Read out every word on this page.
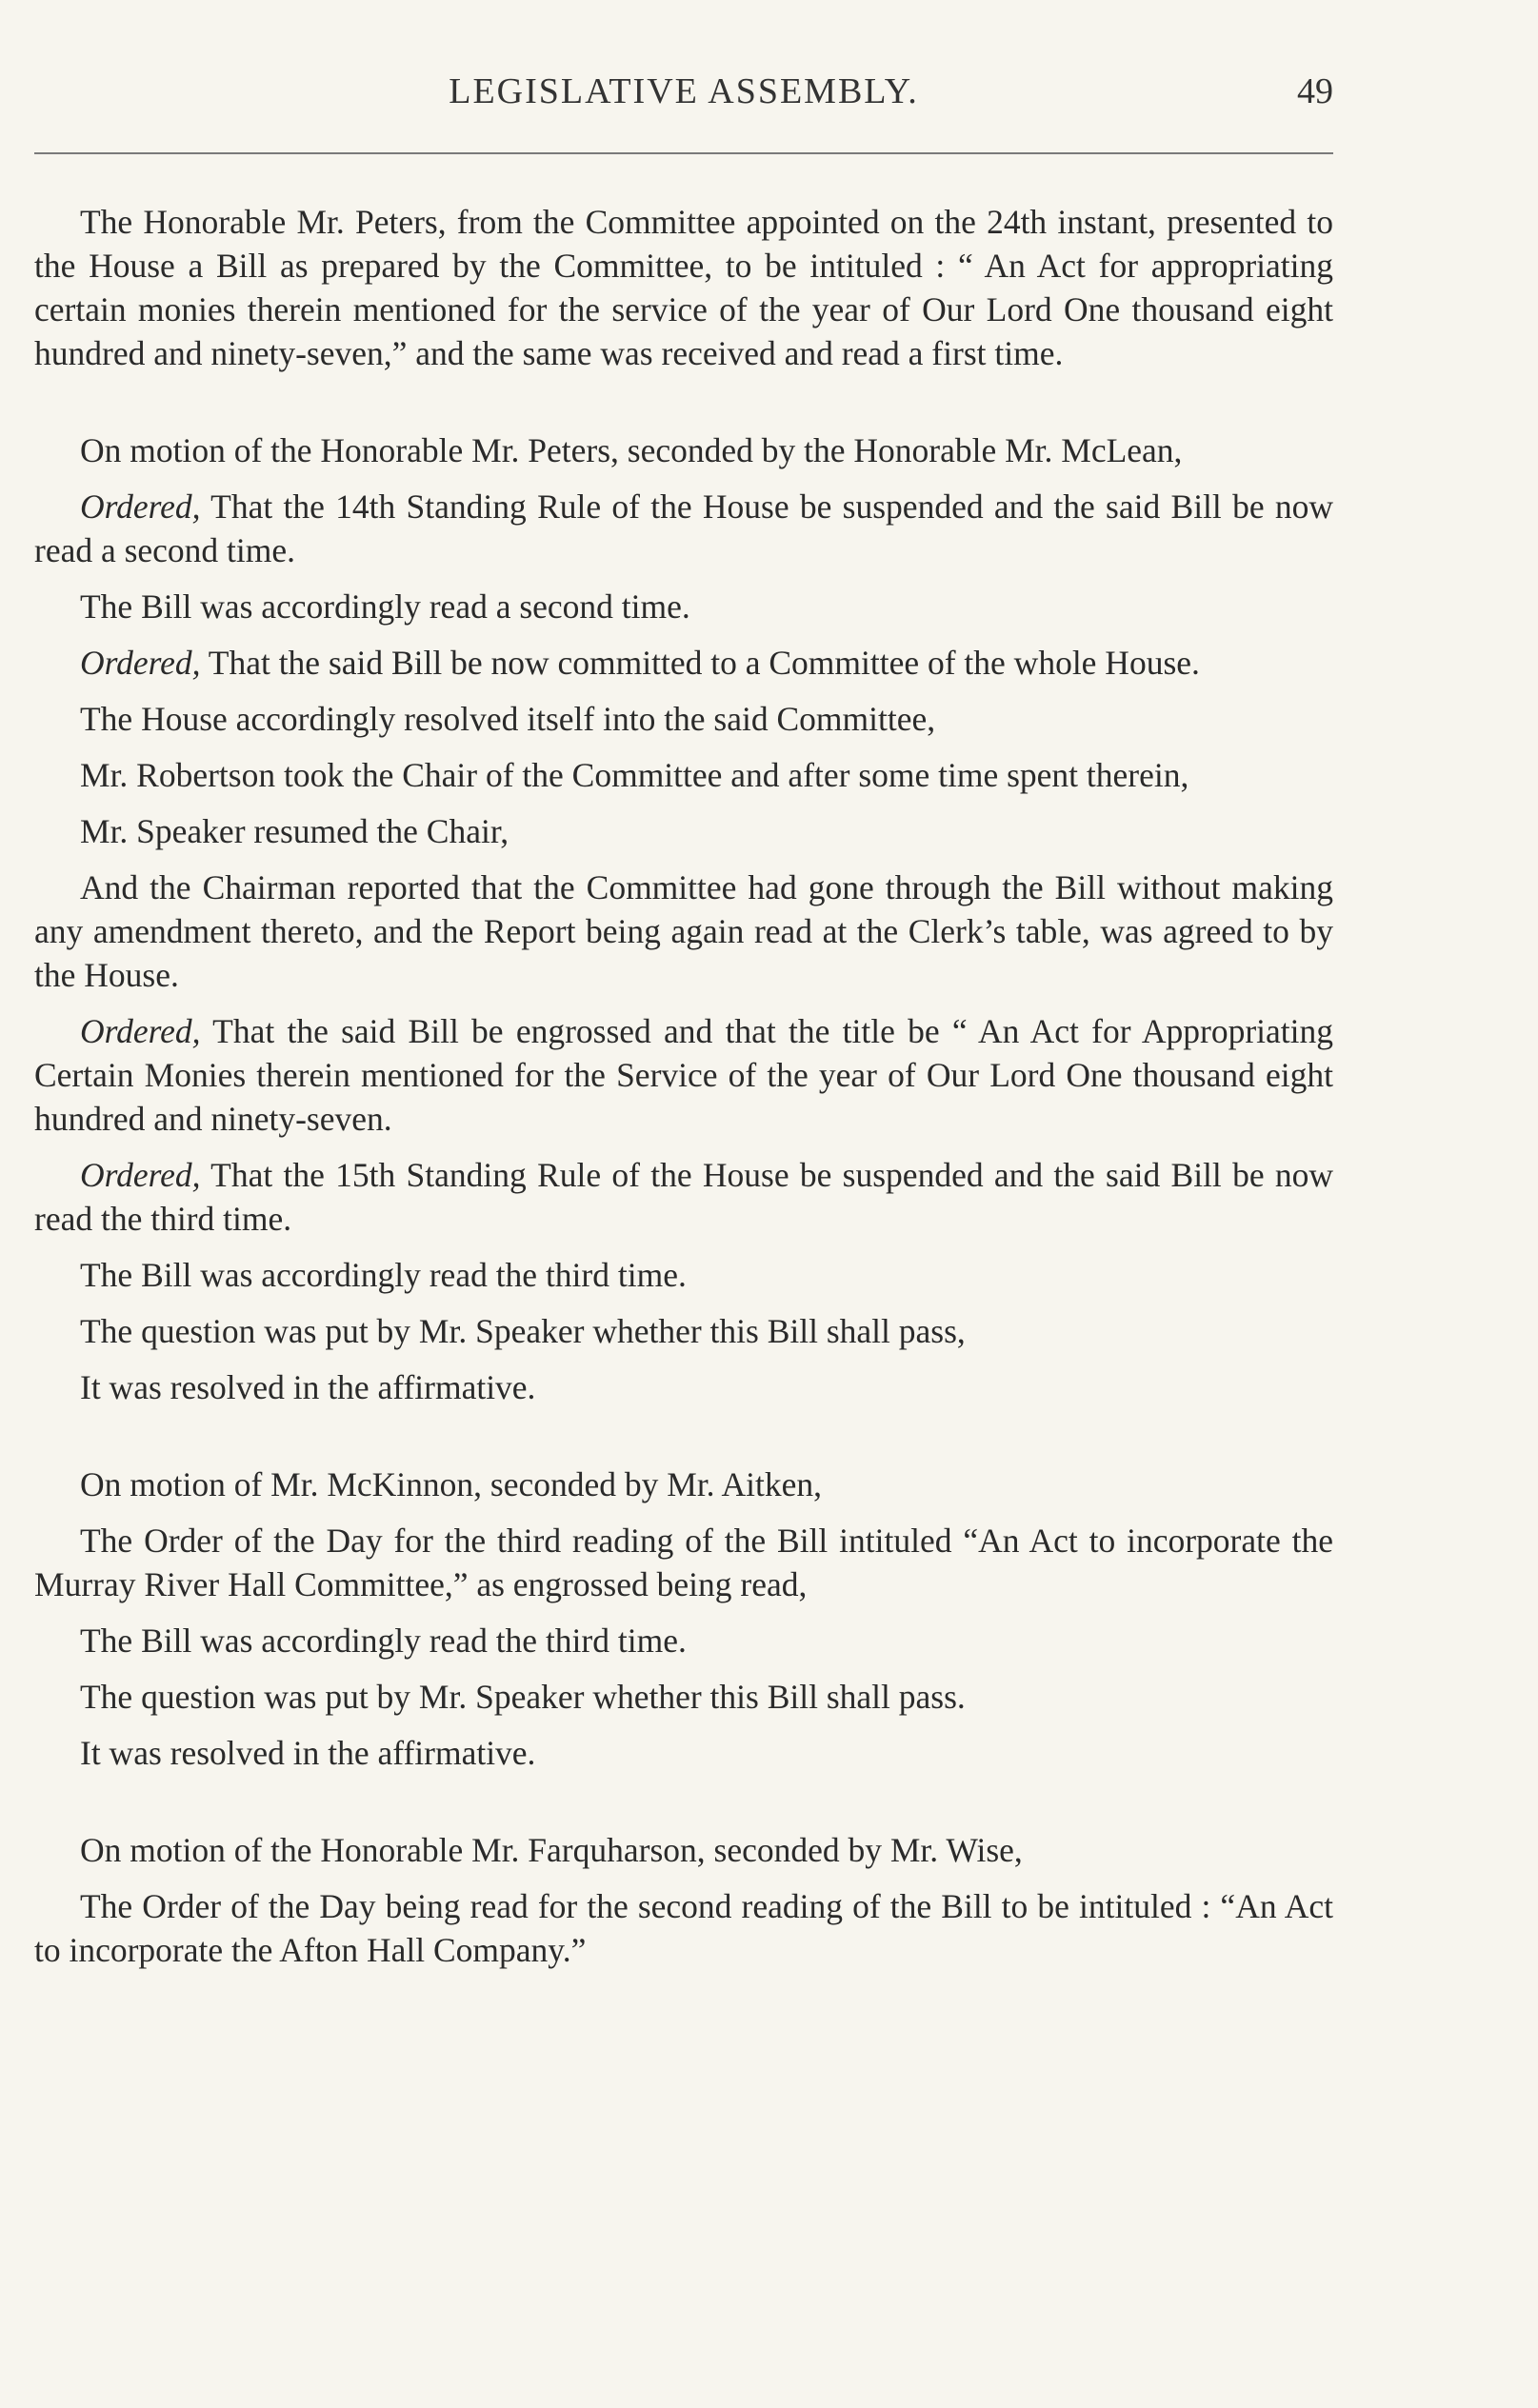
LEGISLATIVE ASSEMBLY.	49

The Honorable Mr. Peters, from the Committee appointed on the 24th instant, presented to the House a Bill as prepared by the Committee, to be intituled : “ An Act for appropriating certain monies therein mentioned for the service of the year of Our Lord One thousand eight hundred and ninety-seven,” and the same was received and read a first time.

On motion of the Honorable Mr. Peters, seconded by the Honorable Mr. McLean,

Ordered, That the 14th Standing Rule of the House be suspended and the said Bill be now read a second time.

The Bill was accordingly read a second time.

Ordered, That the said Bill be now committed to a Committee of the whole House.

The House accordingly resolved itself into the said Committee,

Mr. Robertson took the Chair of the Committee and after some time spent therein,

Mr. Speaker resumed the Chair,

And the Chairman reported that the Committee had gone through the Bill without making any amendment thereto, and the Report being again read at the Clerk’s table, was agreed to by the House.

Ordered, That the said Bill be engrossed and that the title be “ An Act for Appropriating Certain Monies therein mentioned for the Service of the year of Our Lord One thousand eight hundred and ninety-seven.

Ordered, That the 15th Standing Rule of the House be suspended and the said Bill be now read the third time.

The Bill was accordingly read the third time.

The question was put by Mr. Speaker whether this Bill shall pass,

It was resolved in the affirmative.

On motion of Mr. McKinnon, seconded by Mr. Aitken,

The Order of the Day for the third reading of the Bill intituled “An Act to incorporate the Murray River Hall Committee,” as engrossed being read,

The Bill was accordingly read the third time.

The question was put by Mr. Speaker whether this Bill shall pass.

It was resolved in the affirmative.

On motion of the Honorable Mr. Farquharson, seconded by Mr. Wise,

The Order of the Day being read for the second reading of the Bill to be intituled : “An Act to incorporate the Afton Hall Company.”
